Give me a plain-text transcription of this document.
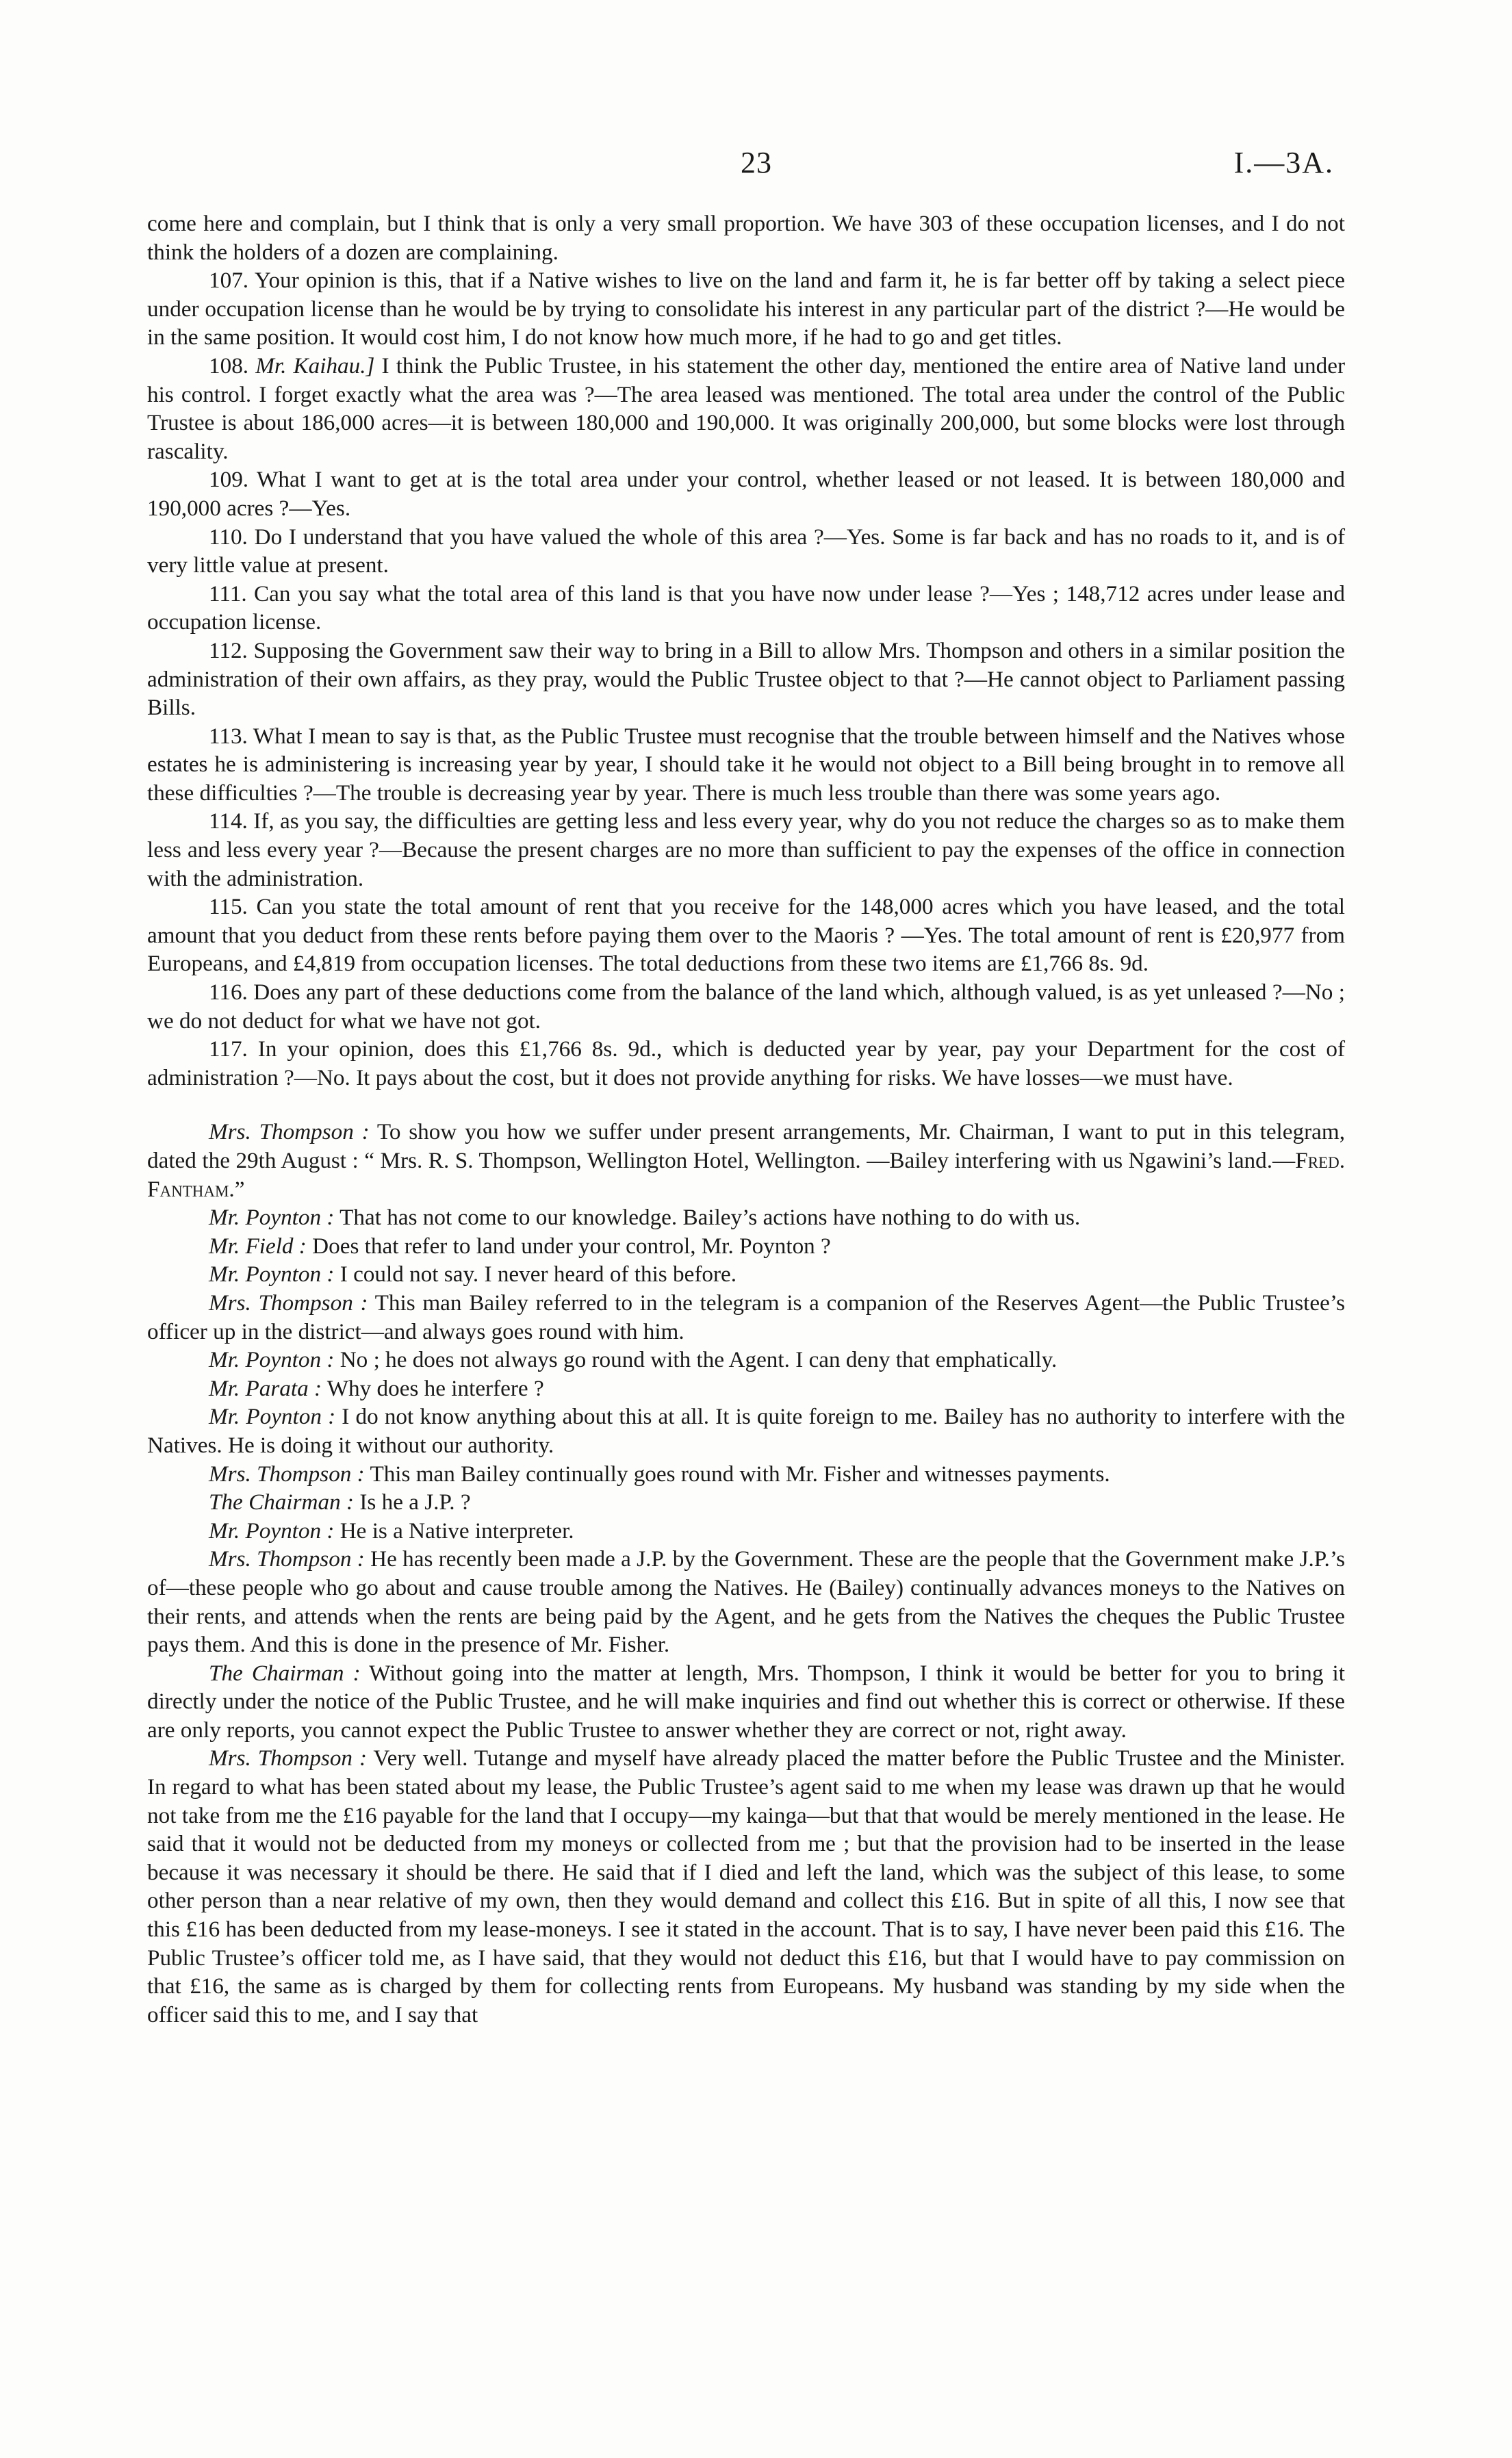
23	I.—3A.

come here and complain, but I think that is only a very small proportion. We have 303 of these occupation licenses, and I do not think the holders of a dozen are complaining.

107. Your opinion is this, that if a Native wishes to live on the land and farm it, he is far better off by taking a select piece under occupation license than he would be by trying to consolidate his interest in any particular part of the district ?—He would be in the same position. It would cost him, I do not know how much more, if he had to go and get titles.

108. Mr. Kaihau.] I think the Public Trustee, in his statement the other day, mentioned the entire area of Native land under his control. I forget exactly what the area was ?—The area leased was mentioned. The total area under the control of the Public Trustee is about 186,000 acres—it is between 180,000 and 190,000. It was originally 200,000, but some blocks were lost through rascality.

109. What I want to get at is the total area under your control, whether leased or not leased. It is between 180,000 and 190,000 acres ?—Yes.

110. Do I understand that you have valued the whole of this area ?—Yes. Some is far back and has no roads to it, and is of very little value at present.

111. Can you say what the total area of this land is that you have now under lease ?—Yes ; 148,712 acres under lease and occupation license.

112. Supposing the Government saw their way to bring in a Bill to allow Mrs. Thompson and others in a similar position the administration of their own affairs, as they pray, would the Public Trustee object to that ?—He cannot object to Parliament passing Bills.

113. What I mean to say is that, as the Public Trustee must recognise that the trouble between himself and the Natives whose estates he is administering is increasing year by year, I should take it he would not object to a Bill being brought in to remove all these difficulties ?—The trouble is decreasing year by year. There is much less trouble than there was some years ago.

114. If, as you say, the difficulties are getting less and less every year, why do you not reduce the charges so as to make them less and less every year ?—Because the present charges are no more than sufficient to pay the expenses of the office in connection with the administration.

115. Can you state the total amount of rent that you receive for the 148,000 acres which you have leased, and the total amount that you deduct from these rents before paying them over to the Maoris ? —Yes. The total amount of rent is £20,977 from Europeans, and £4,819 from occupation licenses. The total deductions from these two items are £1,766 8s. 9d.

116. Does any part of these deductions come from the balance of the land which, although valued, is as yet unleased ?—No ; we do not deduct for what we have not got.

117. In your opinion, does this £1,766 8s. 9d., which is deducted year by year, pay your Department for the cost of administration ?—No. It pays about the cost, but it does not provide anything for risks. We have losses—we must have.

Mrs. Thompson : To show you how we suffer under present arrangements, Mr. Chairman, I want to put in this telegram, dated the 29th August : “ Mrs. R. S. Thompson, Wellington Hotel, Wellington. —Bailey interfering with us Ngawini’s land.—Fred. Fantham.”

Mr. Poynton : That has not come to our knowledge. Bailey’s actions have nothing to do with us.

Mr. Field : Does that refer to land under your control, Mr. Poynton ?

Mr. Poynton : I could not say. I never heard of this before.

Mrs. Thompson : This man Bailey referred to in the telegram is a companion of the Reserves Agent—the Public Trustee’s officer up in the district—and always goes round with him.

Mr. Poynton : No ; he does not always go round with the Agent. I can deny that emphatically.

Mr. Parata : Why does he interfere ?

Mr. Poynton : I do not know anything about this at all. It is quite foreign to me. Bailey has no authority to interfere with the Natives. He is doing it without our authority.

Mrs. Thompson : This man Bailey continually goes round with Mr. Fisher and witnesses payments.

The Chairman : Is he a J.P. ?

Mr. Poynton : He is a Native interpreter.

Mrs. Thompson : He has recently been made a J.P. by the Government. These are the people that the Government make J.P.’s of—these people who go about and cause trouble among the Natives. He (Bailey) continually advances moneys to the Natives on their rents, and attends when the rents are being paid by the Agent, and he gets from the Natives the cheques the Public Trustee pays them. And this is done in the presence of Mr. Fisher.

The Chairman : Without going into the matter at length, Mrs. Thompson, I think it would be better for you to bring it directly under the notice of the Public Trustee, and he will make inquiries and find out whether this is correct or otherwise. If these are only reports, you cannot expect the Public Trustee to answer whether they are correct or not, right away.

Mrs. Thompson : Very well. Tutange and myself have already placed the matter before the Public Trustee and the Minister. In regard to what has been stated about my lease, the Public Trustee’s agent said to me when my lease was drawn up that he would not take from me the £16 payable for the land that I occupy—my kainga—but that that would be merely mentioned in the lease. He said that it would not be deducted from my moneys or collected from me ; but that the provision had to be inserted in the lease because it was necessary it should be there. He said that if I died and left the land, which was the subject of this lease, to some other person than a near relative of my own, then they would demand and collect this £16. But in spite of all this, I now see that this £16 has been deducted from my lease-moneys. I see it stated in the account. That is to say, I have never been paid this £16. The Public Trustee’s officer told me, as I have said, that they would not deduct this £16, but that I would have to pay commission on that £16, the same as is charged by them for collecting rents from Europeans. My husband was standing by my side when the officer said this to me, and I say that
